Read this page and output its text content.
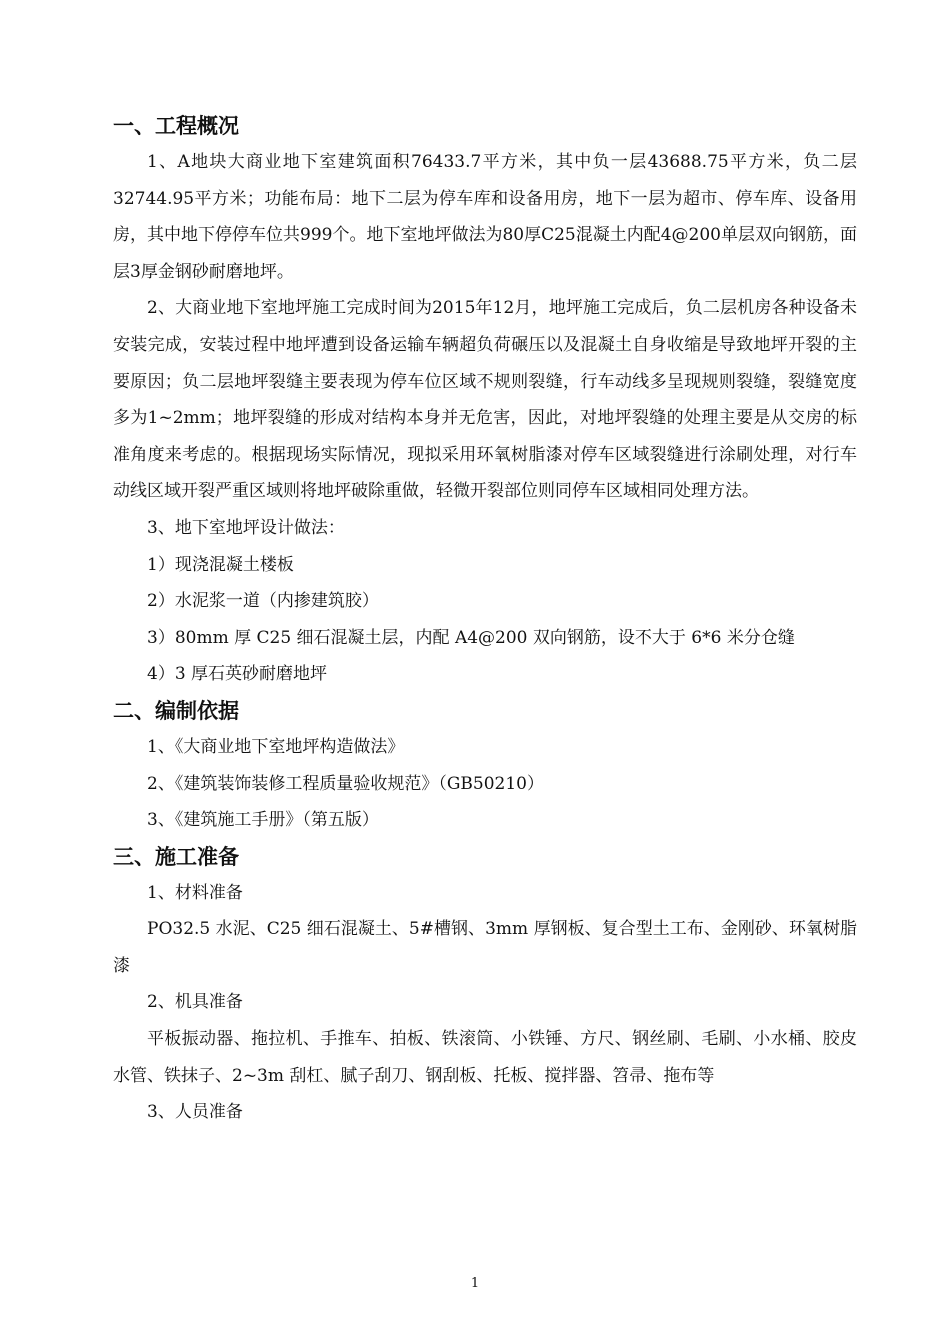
一、工程概况

1、A地块大商业地下室建筑面积76433.7平方米，其中负一层43688.75平方米，负二层32744.95平方米；功能布局：地下二层为停车库和设备用房，地下一层为超市、停车库、设备用房，其中地下停停车位共999个。地下室地坪做法为80厚C25混凝土内配4@200单层双向钢筋，面层3厚金钢砂耐磨地坪。

2、大商业地下室地坪施工完成时间为2015年12月，地坪施工完成后，负二层机房各种设备未安装完成，安装过程中地坪遭到设备运输车辆超负荷碾压以及混凝土自身收缩是导致地坪开裂的主要原因；负二层地坪裂缝主要表现为停车位区域不规则裂缝，行车动线多呈现规则裂缝，裂缝宽度多为1~2mm；地坪裂缝的形成对结构本身并无危害，因此，对地坪裂缝的处理主要是从交房的标准角度来考虑的。根据现场实际情况，现拟采用环氧树脂漆对停车区域裂缝进行涂刷处理，对行车动线区域开裂严重区域则将地坪破除重做，轻微开裂部位则同停车区域相同处理方法。

3、地下室地坪设计做法：

1）现浇混凝土楼板

2）水泥浆一道（内掺建筑胶）

3）80mm 厚 C25 细石混凝土层，内配 A4@200 双向钢筋，设不大于 6*6 米分仓缝

4）3 厚石英砂耐磨地坪

二、编制依据

1、《大商业地下室地坪构造做法》

2、《建筑装饰装修工程质量验收规范》（GB50210）

3、《建筑施工手册》（第五版）

三、施工准备

1、材料准备

PO32.5 水泥、C25 细石混凝土、5#槽钢、3mm 厚钢板、复合型土工布、金刚砂、环氧树脂漆

2、机具准备

平板振动器、拖拉机、手推车、拍板、铁滚筒、小铁锤、方尺、钢丝刷、毛刷、小水桶、胶皮水管、铁抹子、2~3m 刮杠、腻子刮刀、钢刮板、托板、搅拌器、笤帚、拖布等

3、人员准备

1
